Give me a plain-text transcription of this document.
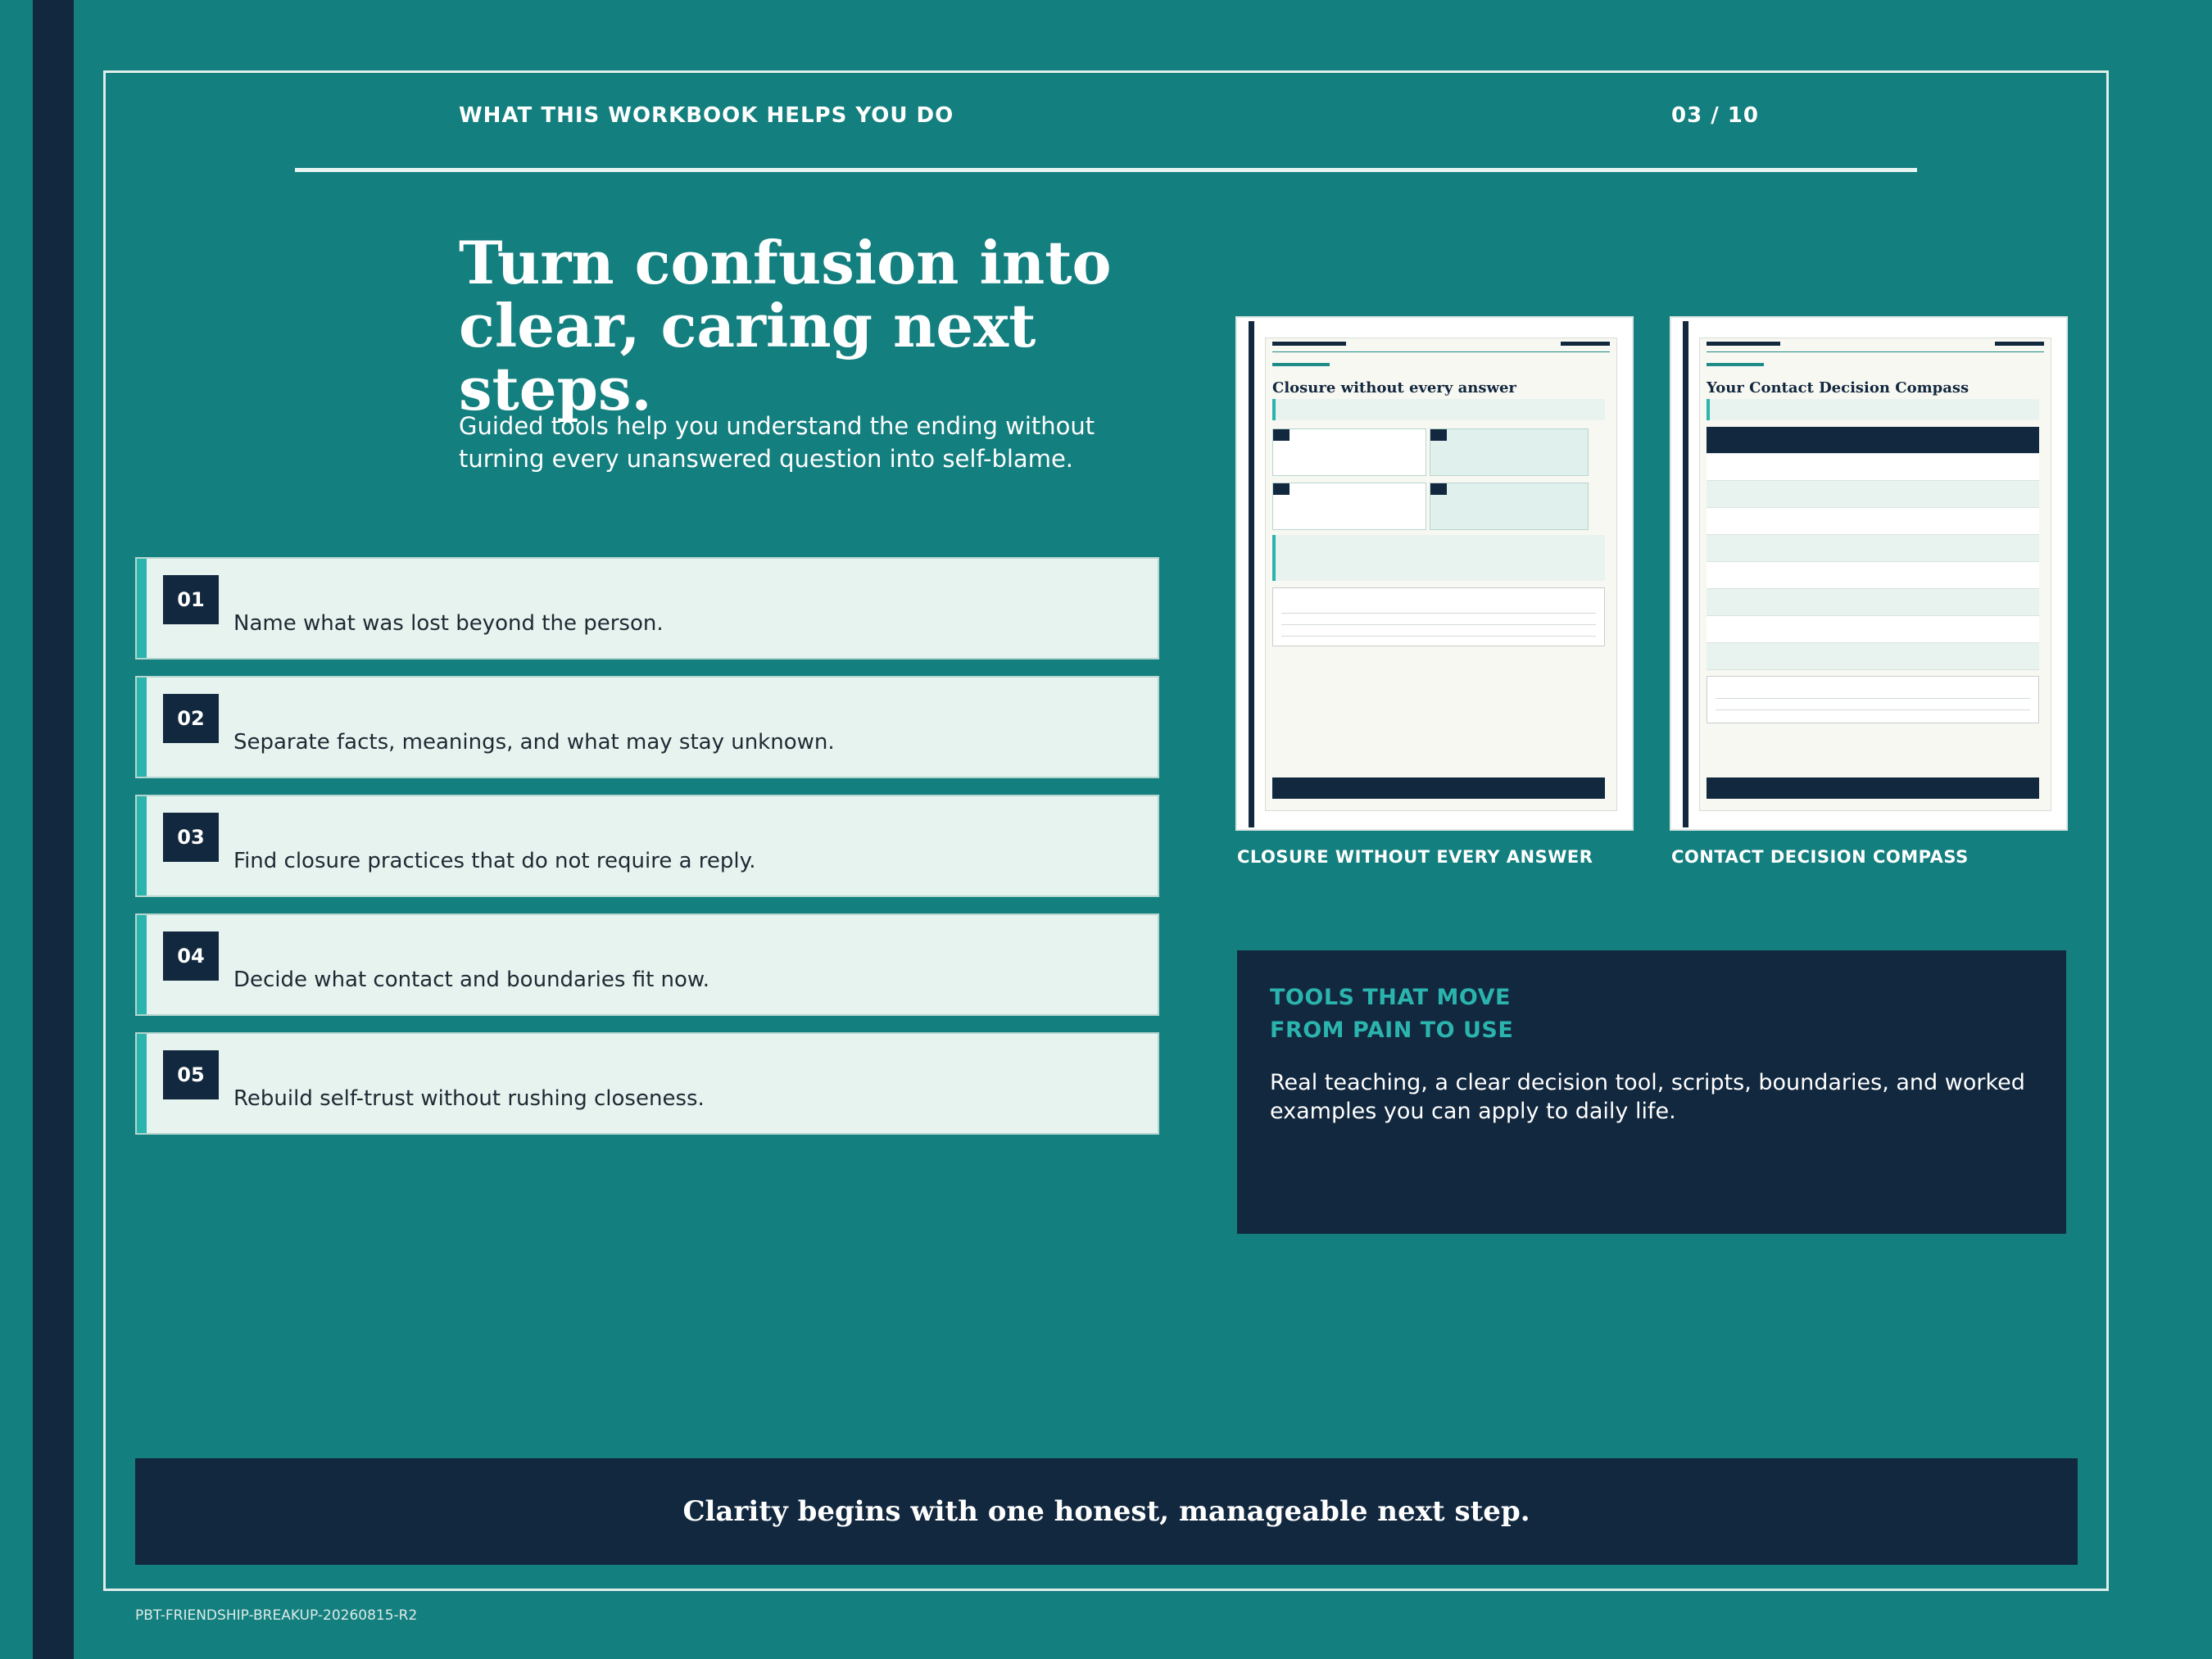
WHAT THIS WORKBOOK HELPS YOU DO	03 / 10
Turn confusion into clear, caring next steps.
Guided tools help you understand the ending without turning every unanswered question into self-blame.
01
Name what was lost beyond the person.
02
Separate facts, meanings, and what may stay unknown.
03
Find closure practices that do not require a reply.
04
Decide what contact and boundaries fit now.
05
Rebuild self-trust without rushing closeness.
Closure without every answer
CLOSURE WITHOUT EVERY ANSWER
Your Contact Decision Compass
CONTACT DECISION COMPASS
TOOLS THAT MOVE FROM PAIN TO USE
Real teaching, a clear decision tool, scripts, boundaries, and worked examples you can apply to daily life.
Clarity begins with one honest, manageable next step.
PBT-FRIENDSHIP-BREAKUP-20260815-R2
